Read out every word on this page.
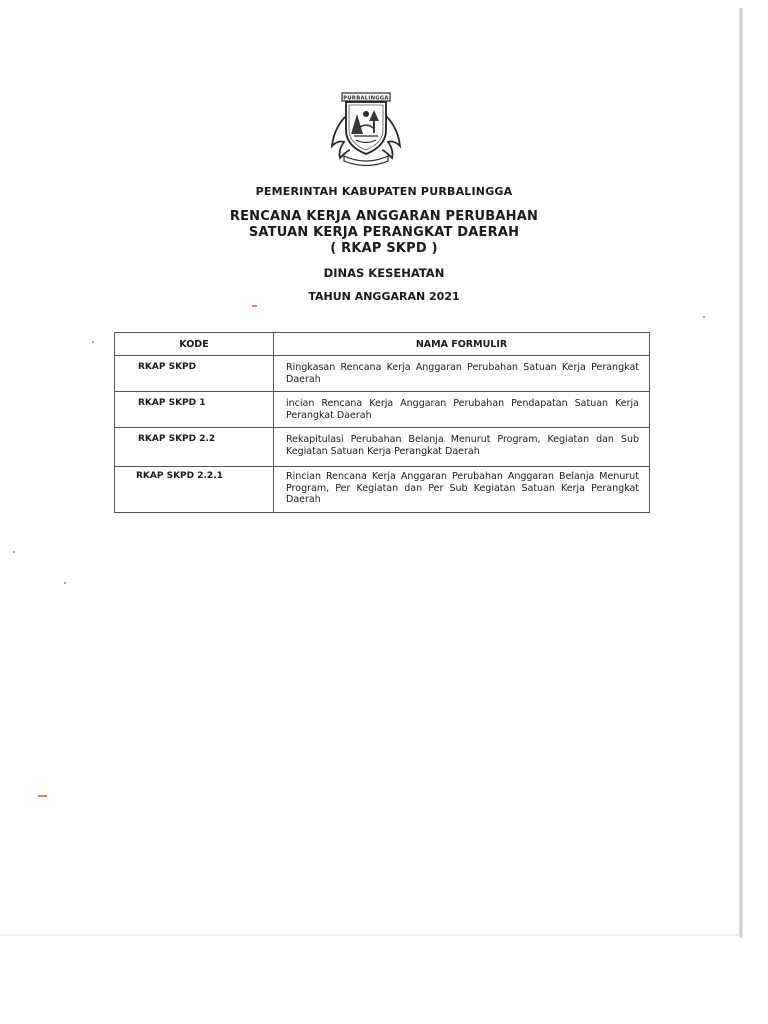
PURBALINGGA

PEMERINTAH KABUPATEN PURBALINGGA

RENCANA KERJA ANGGARAN PERUBAHAN
SATUAN KERJA PERANGKAT DAERAH
( RKAP SKPD )

DINAS KESEHATAN

TAHUN ANGGARAN 2021

KODE	NAMA FORMULIR
RKAP SKPD	Ringkasan Rencana Kerja Anggaran Perubahan Satuan Kerja Perangkat Daerah
RKAP SKPD 1	incian Rencana Kerja Anggaran Perubahan Pendapatan Satuan Kerja Perangkat Daerah
RKAP SKPD 2.2	Rekapitulasi Perubahan Belanja Menurut Program, Kegiatan dan Sub Kegiatan Satuan Kerja Perangkat Daerah
RKAP SKPD 2.2.1	Rincian Rencana Kerja Anggaran Perubahan Anggaran Belanja Menurut Program, Per Kegiatan dan Per Sub Kegiatan Satuan Kerja Perangkat Daerah
